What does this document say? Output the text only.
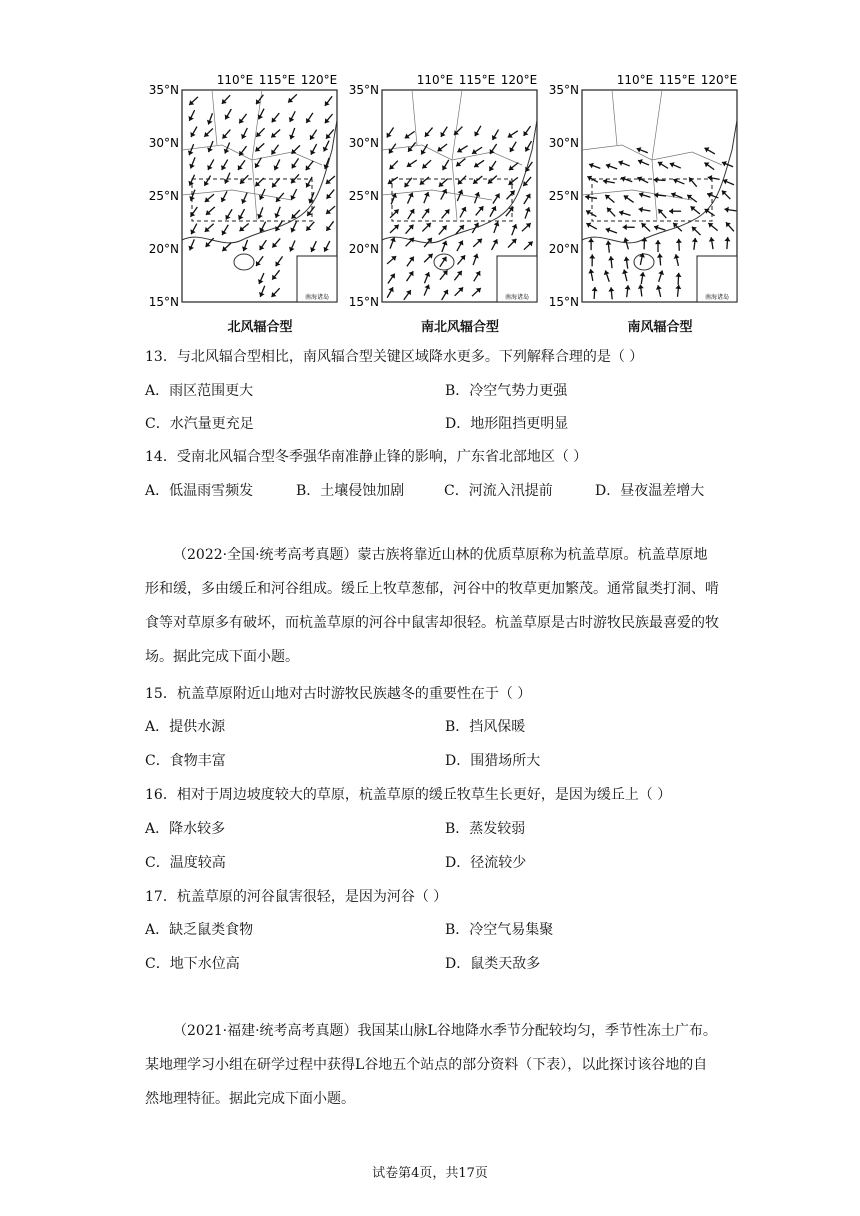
南海诸岛
35°N
30°N
25°N
20°N
15°N
110°E 115°E 120°E
北风辐合型
南海诸岛
35°N
30°N
25°N
20°N
15°N
110°E 115°E 120°E
南北风辐合型
南海诸岛
35°N
30°N
25°N
20°N
15°N
110°E 115°E 120°E
南风辐合型
13．与北风辐合型相比，南风辐合型关键区域降水更多。下列解释合理的是（ ）
A．雨区范围更大	B．冷空气势力更强
C．水汽量更充足	D．地形阻挡更明显
14．受南北风辐合型冬季强华南准静止锋的影响，广东省北部地区（ ）
A．低温雨雪频发	B．土壤侵蚀加剧	C．河流入汛提前	D．昼夜温差增大
（2022·全国·统考高考真题）蒙古族将靠近山林的优质草原称为杭盖草原。杭盖草原地形和缓，多由缓丘和河谷组成。缓丘上牧草葱郁，河谷中的牧草更加繁茂。通常鼠类打洞、啃食等对草原多有破坏，而杭盖草原的河谷中鼠害却很轻。杭盖草原是古时游牧民族最喜爱的牧场。据此完成下面小题。
15．杭盖草原附近山地对古时游牧民族越冬的重要性在于（ ）
A．提供水源	B．挡风保暖
C．食物丰富	D．围猎场所大
16．相对于周边坡度较大的草原，杭盖草原的缓丘牧草生长更好，是因为缓丘上（ ）
A．降水较多	B．蒸发较弱
C．温度较高	D．径流较少
17．杭盖草原的河谷鼠害很轻，是因为河谷（ ）
A．缺乏鼠类食物	B．冷空气易集聚
C．地下水位高	D．鼠类天敌多
（2021·福建·统考高考真题）我国某山脉L谷地降水季节分配较均匀，季节性冻土广布。某地理学习小组在研学过程中获得L谷地五个站点的部分资料（下表），以此探讨该谷地的自然地理特征。据此完成下面小题。
试卷第4页，共17页
